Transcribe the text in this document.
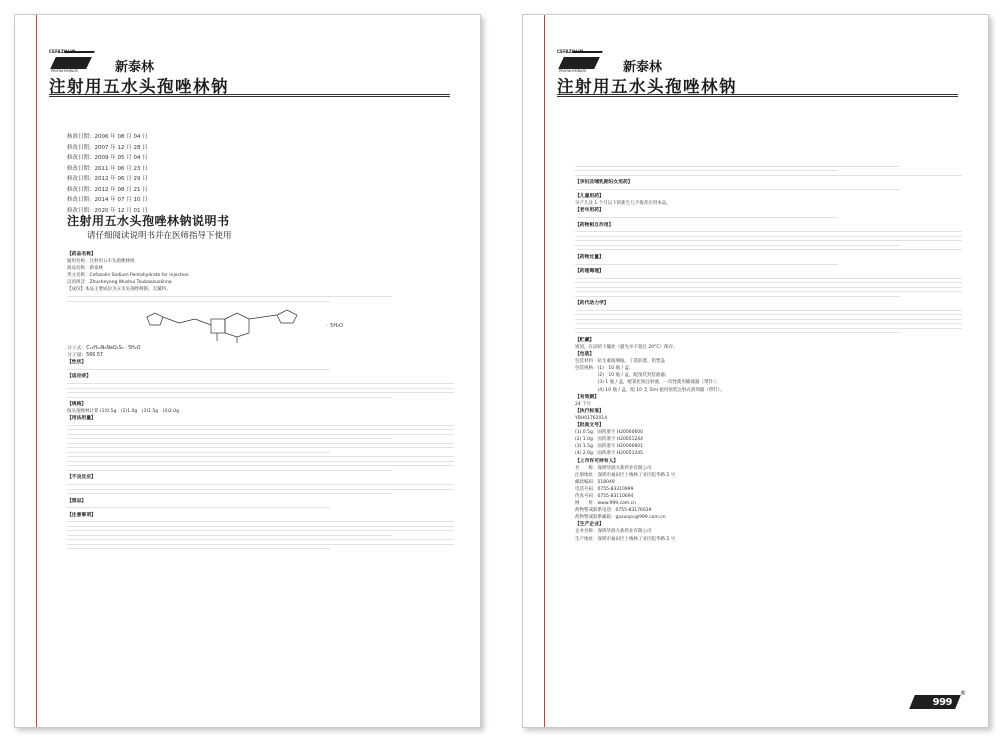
CEFAZOLIN
PENTAHYDRATE	新泰林
注射用五水头孢唑林钠
核准日期：2006 年 08 月 04 日
修改日期：2007 年 12 月 28 日
修改日期：2009 年 05 月 04 日
修改日期：2011 年 06 月 23 日
修改日期：2012 年 06 月 29 日
修改日期：2012 年 08 月 21 日
修改日期：2014 年 07 月 10 日
修改日期：2020 年 12 月 01 日
注射用五水头孢唑林钠说明书
请仔细阅读说明书并在医师指导下使用
【药品名称】
通用名称：注射用五水头孢唑林钠
商品名称：新泰林
英文名称：Cefazolin Sodium Pentahydrate for Injection
汉语拼音：Zhusheyong Wushui Toubaozuolinna
【成份】本品主要成份为五水头孢唑林钠。无辅料。
· 5H₂O
分子式：C₁₄H₁₃N₈NaO₄S₃ · 5H₂O
分子量：566.57
【性状】
【适应症】
【规格】
按头孢唑林计算 (1)0.5g　(2)1.0g　(3)1.5g　(4)2.0g
【用法用量】
【不良反应】
【禁忌】
【注意事项】
CEFAZOLIN
PENTAHYDRATE	新泰林
注射用五水头孢唑林钠
【孕妇及哺乳期妇女用药】
【儿童用药】
早产儿及 1 个月以下的新生儿不推荐应用本品。
【老年用药】
【药物相互作用】
【药物过量】
【药理毒理】
【药代动力学】
【贮藏】
密闭，在凉暗干燥处（避光并不超过 20°C）保存。
【包装】
包装材料：抗生素玻璃瓶、丁基胶塞、铝塑盖
包装规格：(1)　10 瓶 / 盒；
　　　　　(2)　10 瓶 / 盒，配预装封装液器；
　　　　　(3) 1 瓶 / 盒，配氯化钠注射液，一次性使用输液器（带针）；
　　　　　(4) 10 瓶 / 盒，配 10 支 5ml 使用预装注射式溶剂器（带针）。
【有效期】
24 个月
【执行标准】
YBH01762014
【批准文号】
(1) 0.5g：国药准字 H20060600
(2) 1.0g：国药准字 H20051244
(3) 1.5g：国药准字 H20060601
(4) 2.0g：国药准字 H20051245
【上市许可持有人】
名　　称：深圳华润九新药业有限公司
注册地址：深圳市福田区上梅林工业区院华路 2 号
邮政编码：518049
电话号码：0755-83310999
传真号码：0755-83110694
网　　址：www.999.com.cn
药物警戒联系电话：0755-83176039
药物警戒联系邮箱：gosunpv@999.com.cn
【生产企业】
企业名称：深圳华润九新药业有限公司
生产地址：深圳市福田区上梅林工业区院华路 2 号
999
®
